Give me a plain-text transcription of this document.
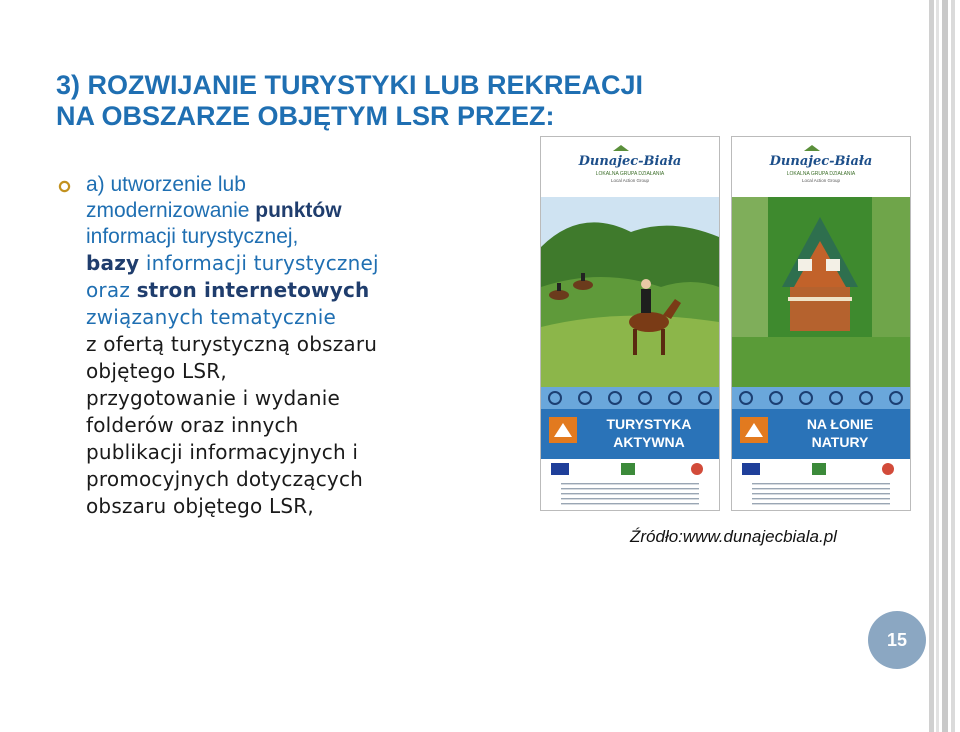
3) ROZWIJANIE TURYSTYKI LUB REKREACJI
NA OBSZARZE OBJĘTYM LSR PRZEZ:
a) utworzenie lub
zmodernizowanie punktów
informacji turystycznej,
bazy informacji turystycznej
oraz stron internetowych
związanych tematycznie
z ofertą turystyczną obszaru
objętego LSR,
przygotowanie i wydanie
folderów oraz innych
publikacji informacyjnych i
promocyjnych dotyczących
obszaru objętego LSR,
Dunajec-Biała
LOKALNA GRUPA DZIAŁANIA
Local Action Group
TURYSTYKA
AKTYWNA
Dunajec-Biała
LOKALNA GRUPA DZIAŁANIA
Local Action Group
NA ŁONIE
NATURY
Źródło:www.dunajecbiala.pl
15
